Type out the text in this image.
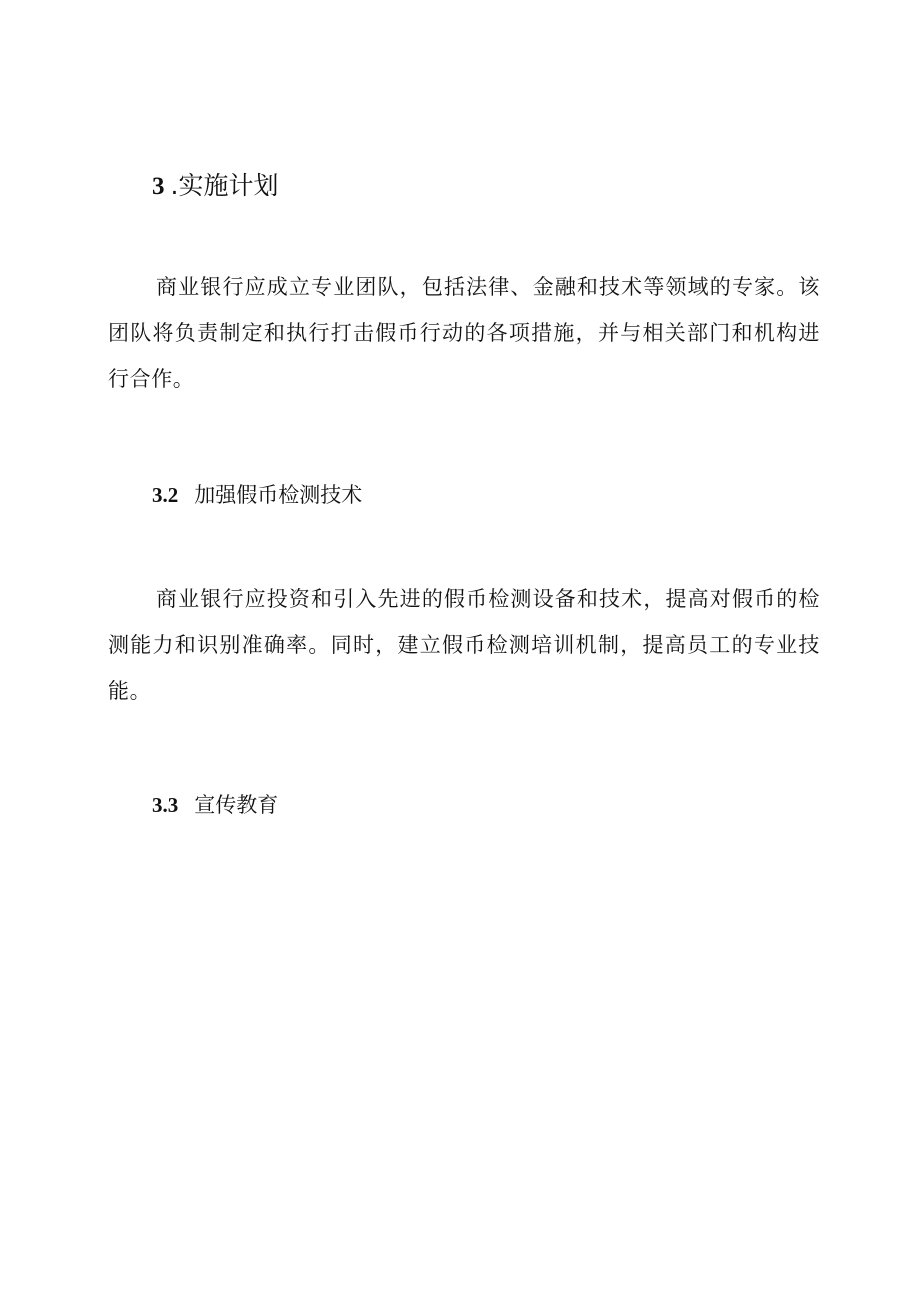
3 .实施计划

商业银行应成立专业团队，包括法律、金融和技术等领域的专家。该团队将负责制定和执行打击假币行动的各项措施，并与相关部门和机构进行合作。

3.2 加强假币检测技术

商业银行应投资和引入先进的假币检测设备和技术，提高对假币的检测能力和识别准确率。同时，建立假币检测培训机制，提高员工的专业技能。

3.3 宣传教育
